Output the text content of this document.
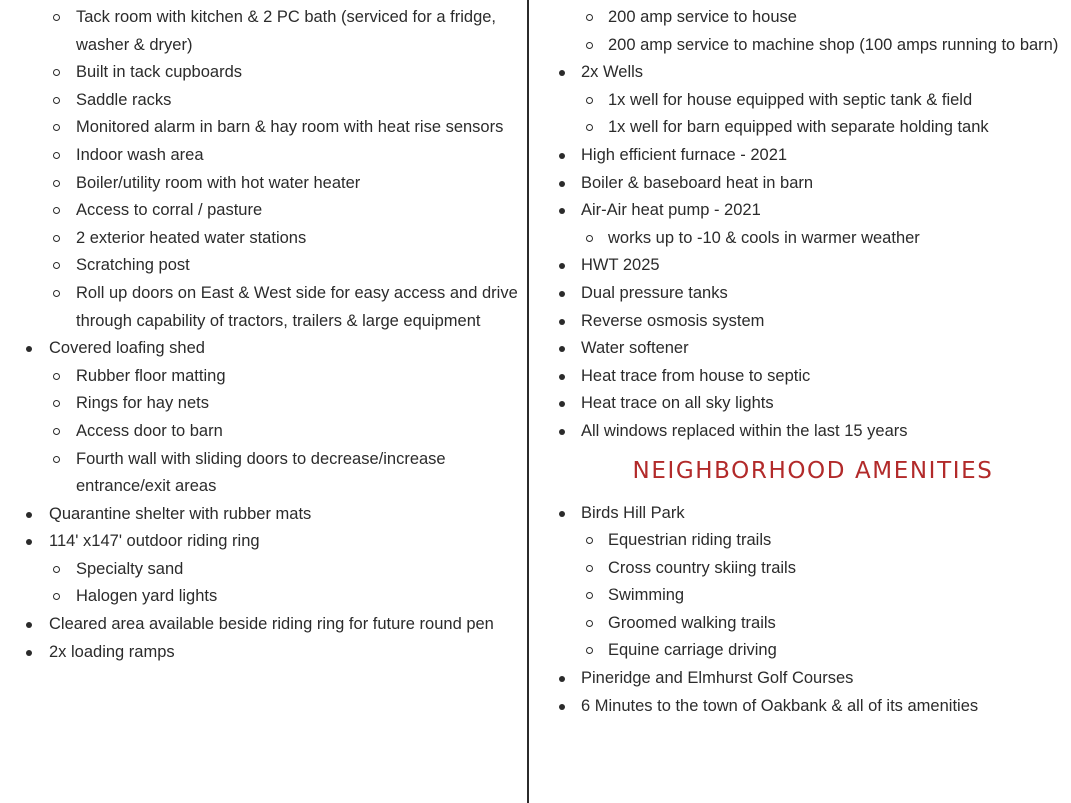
Tack room with kitchen & 2 PC bath (serviced for a fridge, washer & dryer)
Built in tack cupboards
Saddle racks
Monitored alarm in barn & hay room with heat rise sensors
Indoor wash area
Boiler/utility room with hot water heater
Access to corral / pasture
2 exterior heated water stations
Scratching post
Roll up doors on East & West side for easy access and drive through capability of tractors, trailers & large equipment
Covered loafing shed
Rubber floor matting
Rings for hay nets
Access door to barn
Fourth wall with sliding doors to decrease/increase entrance/exit areas
Quarantine shelter with rubber mats
114' x147' outdoor riding ring
Specialty sand
Halogen yard lights
Cleared area available beside riding ring for future round pen
2x loading ramps
200 amp service to house
200 amp service to machine shop (100 amps running to barn)
2x Wells
1x well for house equipped with septic tank & field
1x well for barn equipped with separate holding tank
High efficient furnace - 2021
Boiler & baseboard heat in barn
Air-Air heat pump - 2021
works up to -10 & cools in warmer weather
HWT 2025
Dual pressure tanks
Reverse osmosis system
Water softener
Heat trace from house to septic
Heat trace on all sky lights
All windows replaced within the last 15 years
NEIGHBORHOOD AMENITIES
Birds Hill Park
Equestrian riding trails
Cross country skiing trails
Swimming
Groomed walking trails
Equine carriage driving
Pineridge and Elmhurst Golf Courses
6 Minutes to the town of Oakbank & all of its amenities
